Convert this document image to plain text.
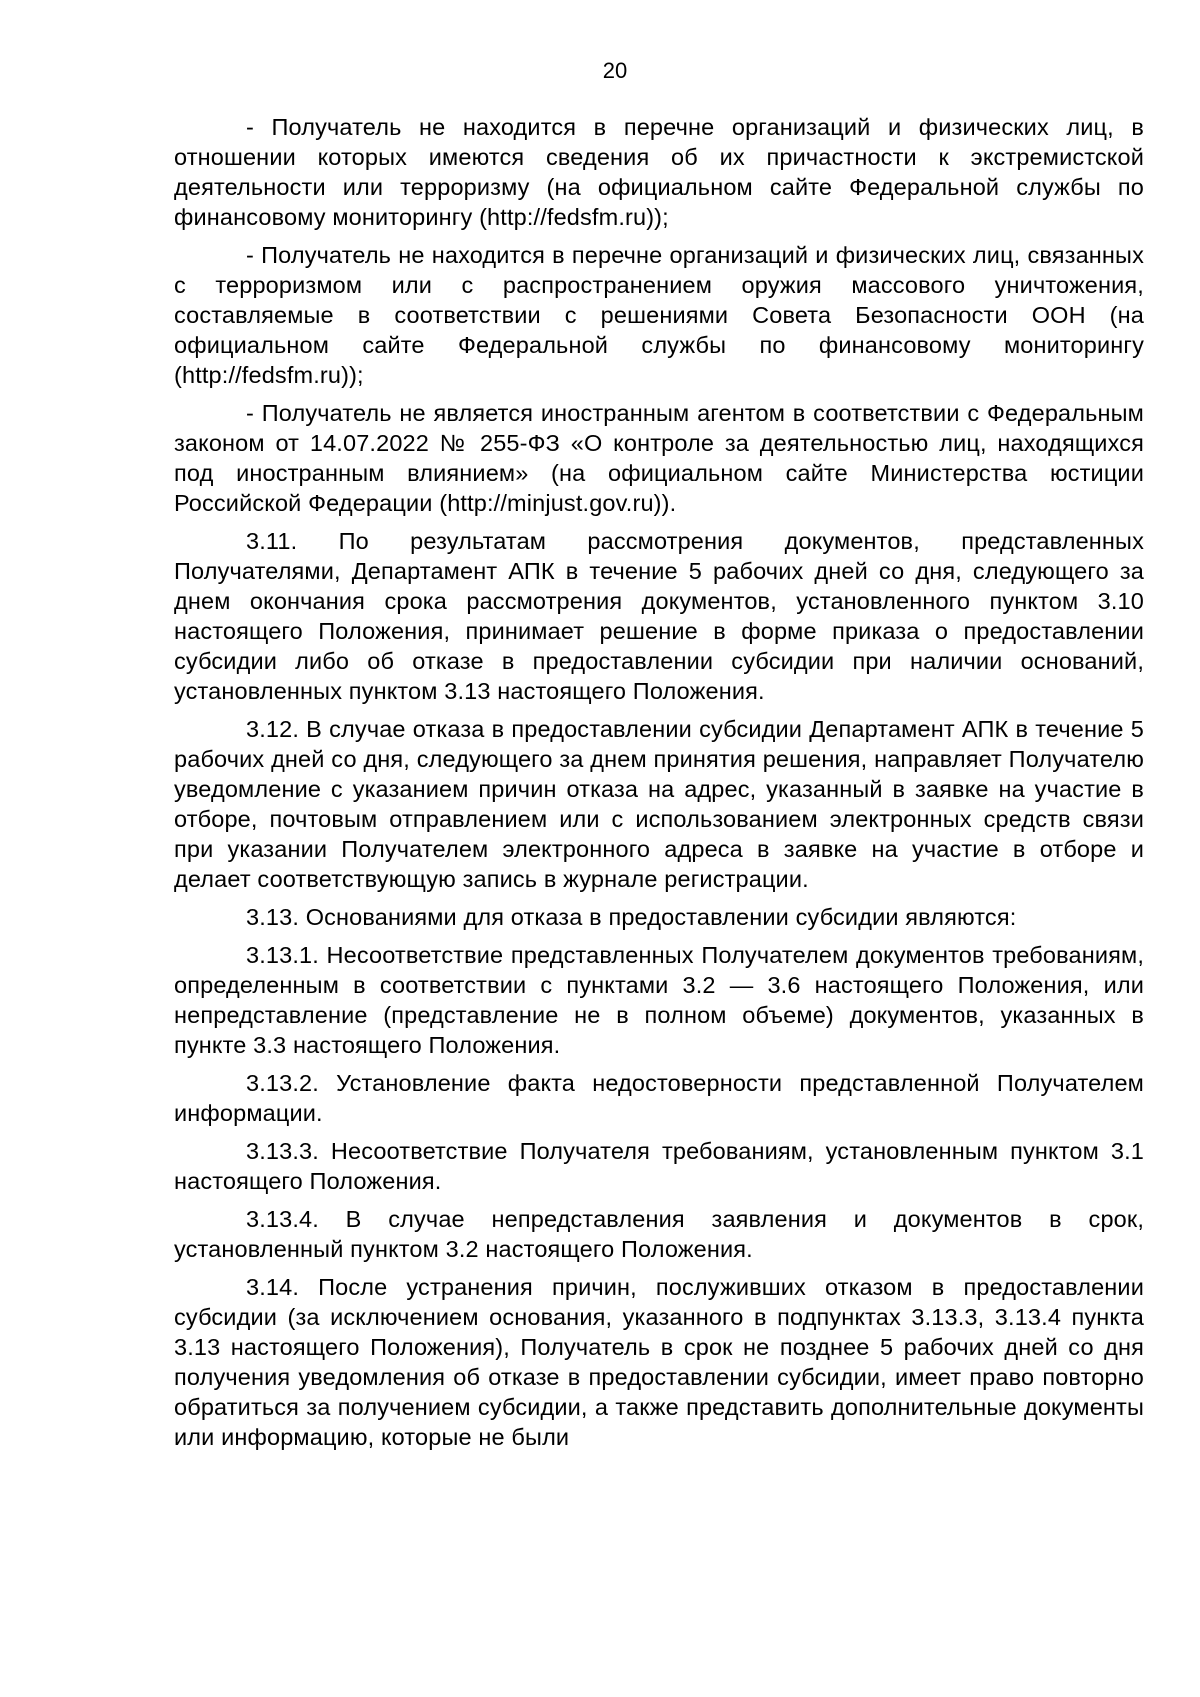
20

- Получатель не находится в перечне организаций и физических лиц, в отношении которых имеются сведения об их причастности к экстремистской деятельности или терроризму (на официальном сайте Федеральной службы по финансовому мониторингу (http://fedsfm.ru));

- Получатель не находится в перечне организаций и физических лиц, связанных с терроризмом или с распространением оружия массового уничтожения, составляемые в соответствии с решениями Совета Безопасности ООН (на официальном сайте Федеральной службы по финансовому мониторингу (http://fedsfm.ru));

- Получатель не является иностранным агентом в соответствии с Федеральным законом от 14.07.2022 № 255-ФЗ «О контроле за деятельностью лиц, находящихся под иностранным влиянием» (на официальном сайте Министерства юстиции Российской Федерации (http://minjust.gov.ru)).

3.11. По результатам рассмотрения документов, представленных Получателями, Департамент АПК в течение 5 рабочих дней со дня, следующего за днем окончания срока рассмотрения документов, установленного пунктом 3.10 настоящего Положения, принимает решение в форме приказа о предоставлении субсидии либо об отказе в предоставлении субсидии при наличии оснований, установленных пунктом 3.13 настоящего Положения.

3.12. В случае отказа в предоставлении субсидии Департамент АПК в течение 5 рабочих дней со дня, следующего за днем принятия решения, направляет Получателю уведомление с указанием причин отказа на адрес, указанный в заявке на участие в отборе, почтовым отправлением или с использованием электронных средств связи при указании Получателем электронного адреса в заявке на участие в отборе и делает соответствующую запись в журнале регистрации.

3.13. Основаниями для отказа в предоставлении субсидии являются:

3.13.1. Несоответствие представленных Получателем документов требованиям, определенным в соответствии с пунктами 3.2 — 3.6 настоящего Положения, или непредставление (представление не в полном объеме) документов, указанных в пункте 3.3 настоящего Положения.

3.13.2. Установление факта недостоверности представленной Получателем информации.

3.13.3. Несоответствие Получателя требованиям, установленным пунктом 3.1 настоящего Положения.

3.13.4. В случае непредставления заявления и документов в срок, установленный пунктом 3.2 настоящего Положения.

3.14. После устранения причин, послуживших отказом в предоставлении субсидии (за исключением основания, указанного в подпунктах 3.13.3, 3.13.4 пункта 3.13 настоящего Положения), Получатель в срок не позднее 5 рабочих дней со дня получения уведомления об отказе в предоставлении субсидии, имеет право повторно обратиться за получением субсидии, а также представить дополнительные документы или информацию, которые не были
